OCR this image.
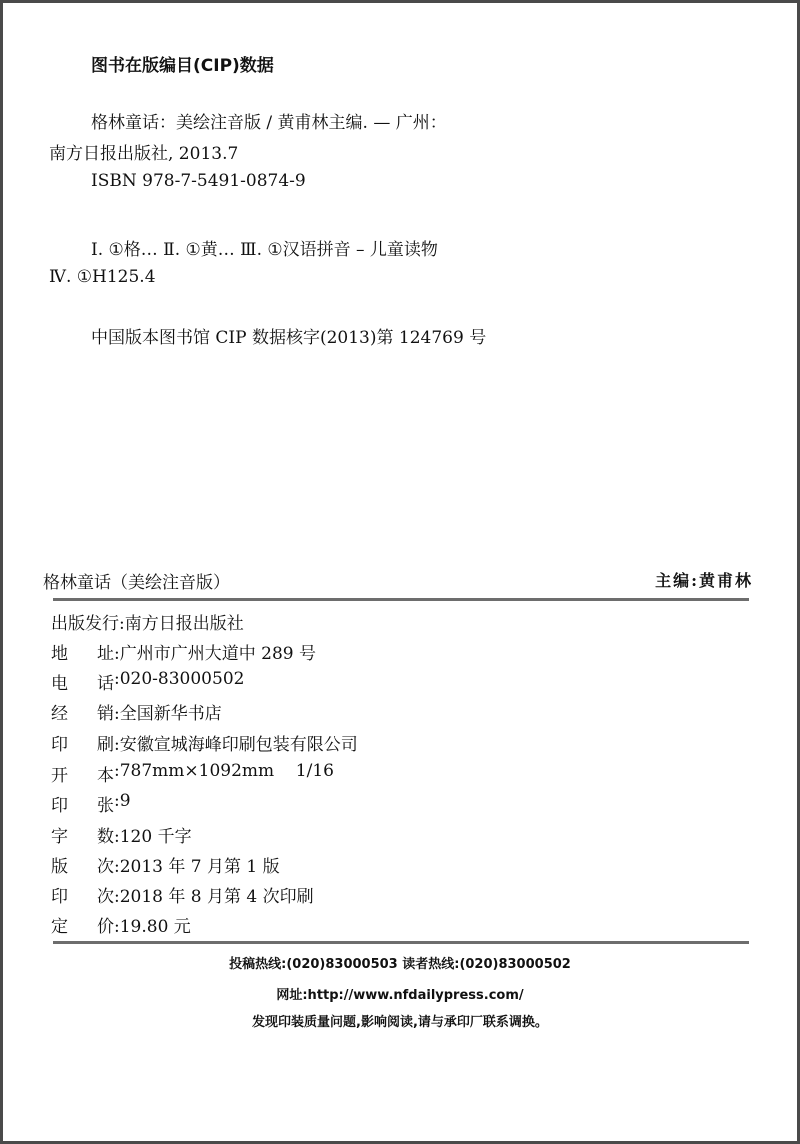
图书在版编目(CIP)数据
格林童话：美绘注音版 / 黄甫林主编. — 广州：
南方日报出版社, 2013.7
ISBN 978-7-5491-0874-9
Ⅰ. ①格… Ⅱ. ①黄… Ⅲ. ①汉语拼音 – 儿童读物
Ⅳ. ①H125.4
中国版本图书馆 CIP 数据核字(2013)第 124769 号
格林童话（美绘注音版）	主编:黄甫林
出版发行:南方日报出版社
地	址 :广州市广州大道中 289 号
电	话 :020-83000502
经	销 :全国新华书店
印	刷 :安徽宣城海峰印刷包装有限公司
开	本 :787mm×1092mm    1/16
印	张 :9
字	数 :120 千字
版	次 :2013 年 7 月第 1 版
印	次 :2018 年 8 月第 4 次印刷
定	价 :19.80 元
投稿热线:(020)83000503 读者热线:(020)83000502
网址:http://www.nfdailypress.com/
发现印装质量问题,影响阅读,请与承印厂联系调换。
